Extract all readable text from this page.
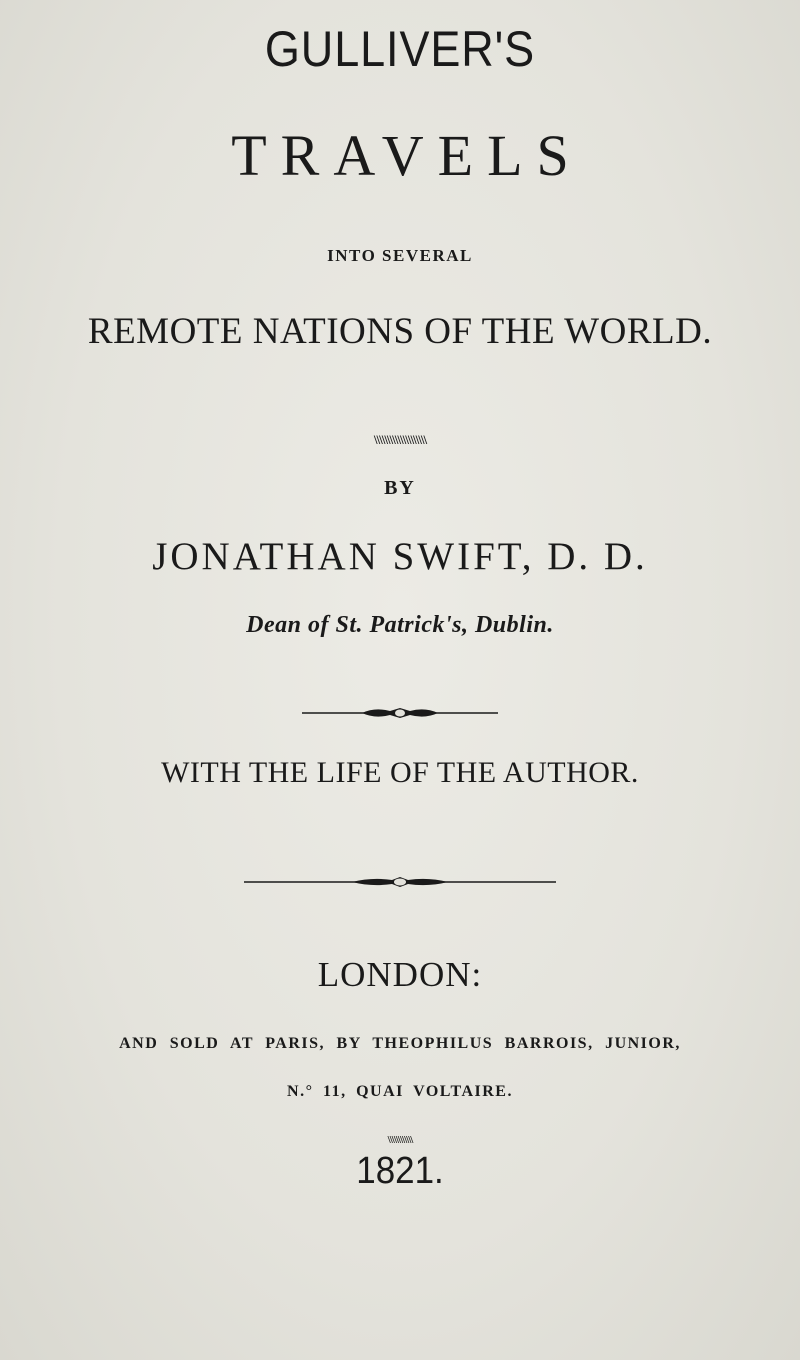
GULLIVER'S
TRAVELS
INTO SEVERAL
REMOTE NATIONS OF THE WORLD.
\\\\\\\\\\\\\\\\\\\\
BY
JONATHAN SWIFT, D. D.
Dean of St. Patrick's, Dublin.
WITH THE LIFE OF THE AUTHOR.
LONDON:
AND SOLD AT PARIS, BY THEOPHILUS BARROIS, JUNIOR,
N.° 11, QUAI VOLTAIRE.
\\\\\\\\\\\\
1821.
